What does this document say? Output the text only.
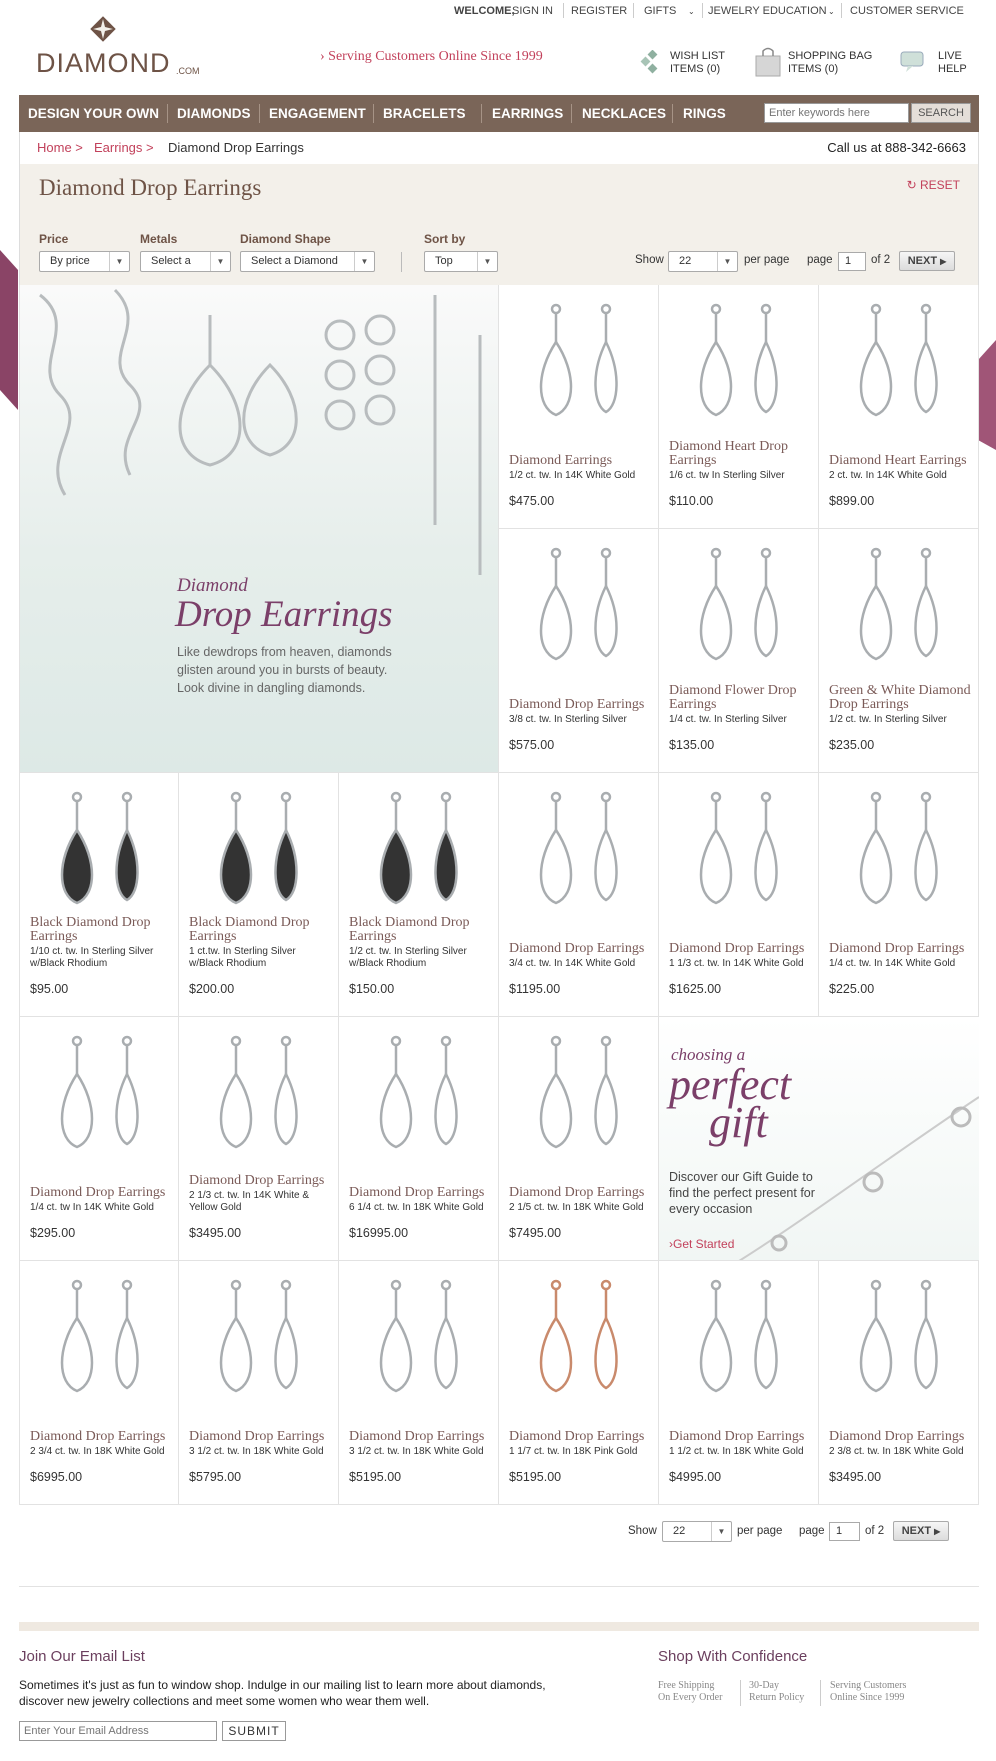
WELCOME,
SIGN IN REGISTER GIFTS ⌄ JEWELRY EDUCATION ⌄ CUSTOMER SERVICE
DIAMOND .COM
› Serving Customers Online Since 1999	WISH LIST
ITEMS (0)
SHOPPING BAG
ITEMS (0)
LIVE
HELP
DESIGN YOUR OWN DIAMONDS ENGAGEMENT BRACELETS	EARRINGS	NECKLACES	RINGS
Enter keywords here	SEARCH
Home > Earrings > Diamond Drop Earrings	Call us at 888-342-6663
Diamond Drop Earrings	↻ RESET
Price
By price	▼
Metals
Select a	▼
Diamond Shape
Select a Diamond	▼
Sort by
Top	▼	Show	22	▼	per page page	1	of 2	NEXT ▶
Diamond
Drop Earrings
Like dewdrops from heaven, diamonds glisten around you in bursts of beauty. Look divine in dangling diamonds.
choosing a
perfect
gift
Discover our Gift Guide to find the perfect present for every occasion
›Get Started
Diamond Earrings
1/2 ct. tw. In 14K White Gold
$475.00
Diamond Heart Drop Earrings
1/6 ct. tw In Sterling Silver
$110.00
Diamond Heart Earrings
2 ct. tw. In 14K White Gold
$899.00
Diamond Drop Earrings
3/8 ct. tw. In Sterling Silver
$575.00
Diamond Flower Drop Earrings
1/4 ct. tw. In Sterling Silver
$135.00
Green & White Diamond Drop Earrings
1/2 ct. tw. In Sterling Silver
$235.00
Black Diamond Drop Earrings
1/10 ct. tw. In Sterling Silver w/Black Rhodium
$95.00
Black Diamond Drop Earrings
1 ct.tw. In Sterling Silver w/Black Rhodium
$200.00
Black Diamond Drop Earrings
1/2 ct. tw. In Sterling Silver w/Black Rhodium
$150.00
Diamond Drop Earrings
3/4 ct. tw. In 14K White Gold
$1195.00
Diamond Drop Earrings
1 1/3 ct. tw. In 14K White Gold
$1625.00
Diamond Drop Earrings
1/4 ct. tw. In 14K White Gold
$225.00
Diamond Drop Earrings
1/4 ct. tw In 14K White Gold
$295.00
Diamond Drop Earrings
2 1/3 ct. tw. In 14K White & Yellow Gold
$3495.00
Diamond Drop Earrings
6 1/4 ct. tw. In 18K White Gold
$16995.00
Diamond Drop Earrings
2 1/5 ct. tw. In 18K White Gold
$7495.00
Diamond Drop Earrings
2 3/4 ct. tw. In 18K White Gold
$6995.00
Diamond Drop Earrings
3 1/2 ct. tw. In 18K White Gold
$5795.00
Diamond Drop Earrings
3 1/2 ct. tw. In 18K White Gold
$5195.00
Diamond Drop Earrings
1 1/7 ct. tw. In 18K Pink Gold
$5195.00
Diamond Drop Earrings
1 1/2 ct. tw. In 18K White Gold
$4995.00
Diamond Drop Earrings
2 3/8 ct. tw. In 18K White Gold
$3495.00
Show	22	▼	per page page	1	of 2	NEXT ▶
Join Our Email List
Sometimes it's just as fun to window shop. Indulge in our mailing list to learn more about diamonds, discover new jewelry collections and meet some women who wear them well.
Enter Your Email Address
SUBMIT
Shop With Confidence
Free Shipping
On Every Order
30-Day
Return Policy
Serving Customers
Online Since 1999
